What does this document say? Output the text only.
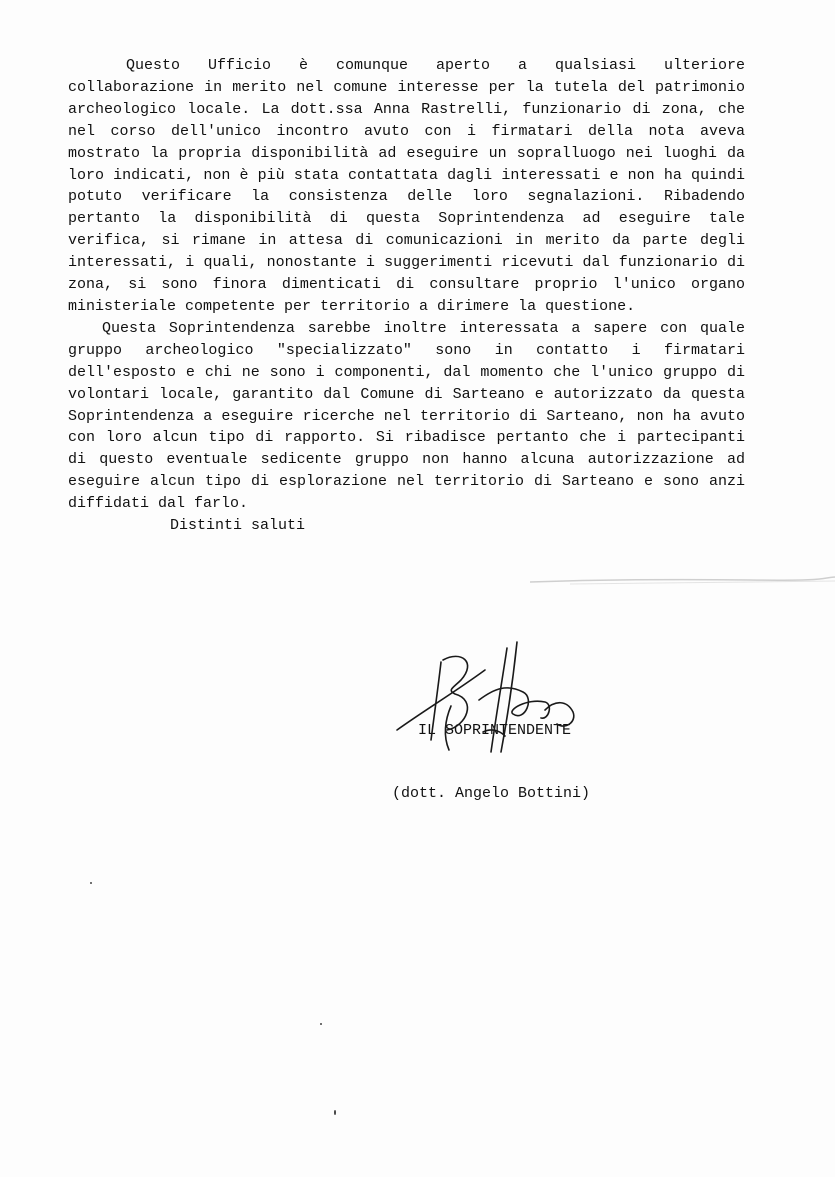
Questo Ufficio è comunque aperto a qualsiasi ulteriore collaborazione in merito nel comune interesse per la tutela del patrimonio archeologico locale. La dott.ssa Anna Rastrelli, funzionario di zona, che nel corso dell'unico incontro avuto con i firmatari della nota aveva mostrato la propria disponibilità ad eseguire un sopralluogo nei luoghi da loro indicati, non è più stata contattata dagli interessati e non ha quindi potuto verificare la consistenza delle loro segnalazioni. Ribadendo pertanto la disponibilità di questa Soprintendenza ad eseguire tale verifica, si rimane in attesa di comunicazioni in merito da parte degli interessati, i quali, nonostante i suggerimenti ricevuti dal funzionario di zona, si sono finora dimenticati di consultare proprio l'unico organo ministeriale competente per territorio a dirimere la questione.

Questa Soprintendenza sarebbe inoltre interessata a sapere con quale gruppo archeologico "specializzato" sono in contatto i firmatari dell'esposto e chi ne sono i componenti, dal momento che l'unico gruppo di volontari locale, garantito dal Comune di Sarteano e autorizzato da questa Soprintendenza a eseguire ricerche nel territorio di Sarteano, non ha avuto con loro alcun tipo di rapporto. Si ribadisce pertanto che i partecipanti di questo eventuale sedicente gruppo non hanno alcuna autorizzazione ad eseguire alcun tipo di esplorazione nel territorio di Sarteano e sono anzi diffidati dal farlo.

Distinti saluti

IL SOPRINTENDENTE

(dott. Angelo Bottini)
